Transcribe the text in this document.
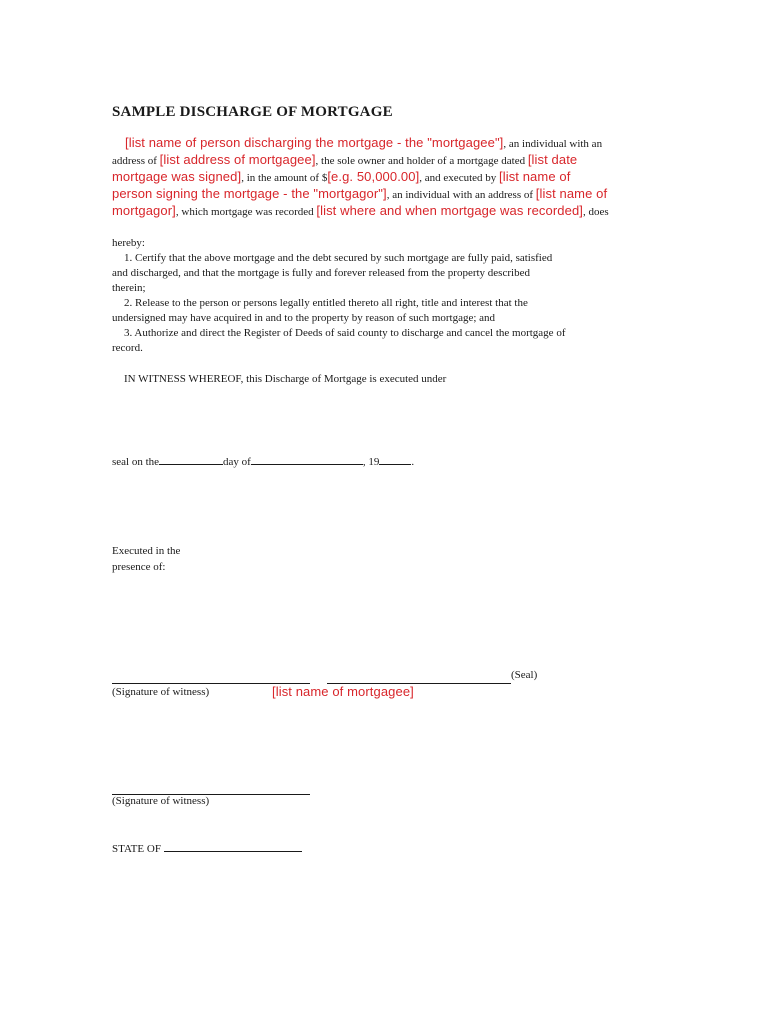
SAMPLE DISCHARGE OF MORTGAGE
[list name of person discharging the mortgage - the "mortgagee"], an individual with an
address of [list address of mortgagee], the sole owner and holder of a mortgage dated [list date
mortgage was signed], in the amount of $[e.g. 50,000.00], and executed by [list name of
person signing the mortgage - the "mortgagor"], an individual with an address of [list name of
mortgagor], which mortgage was recorded [list where and when mortgage was recorded], does
hereby:
1. Certify that the above mortgage and the debt secured by such mortgage are fully paid, satisfied
and discharged, and that the mortgage is fully and forever released from the property described
therein;
2. Release to the person or persons legally entitled thereto all right, title and interest that the
undersigned may have acquired in and to the property by reason of such mortgage; and
3. Authorize and direct the Register of Deeds of said county to discharge and cancel the mortgage of
record.
IN WITNESS WHEREOF, this Discharge of Mortgage is executed under
seal on the	day of	, 19	.
Executed in the
presence of:
(Seal)
(Signature of witness)	[list name of mortgagee]
(Signature of witness)
STATE OF
